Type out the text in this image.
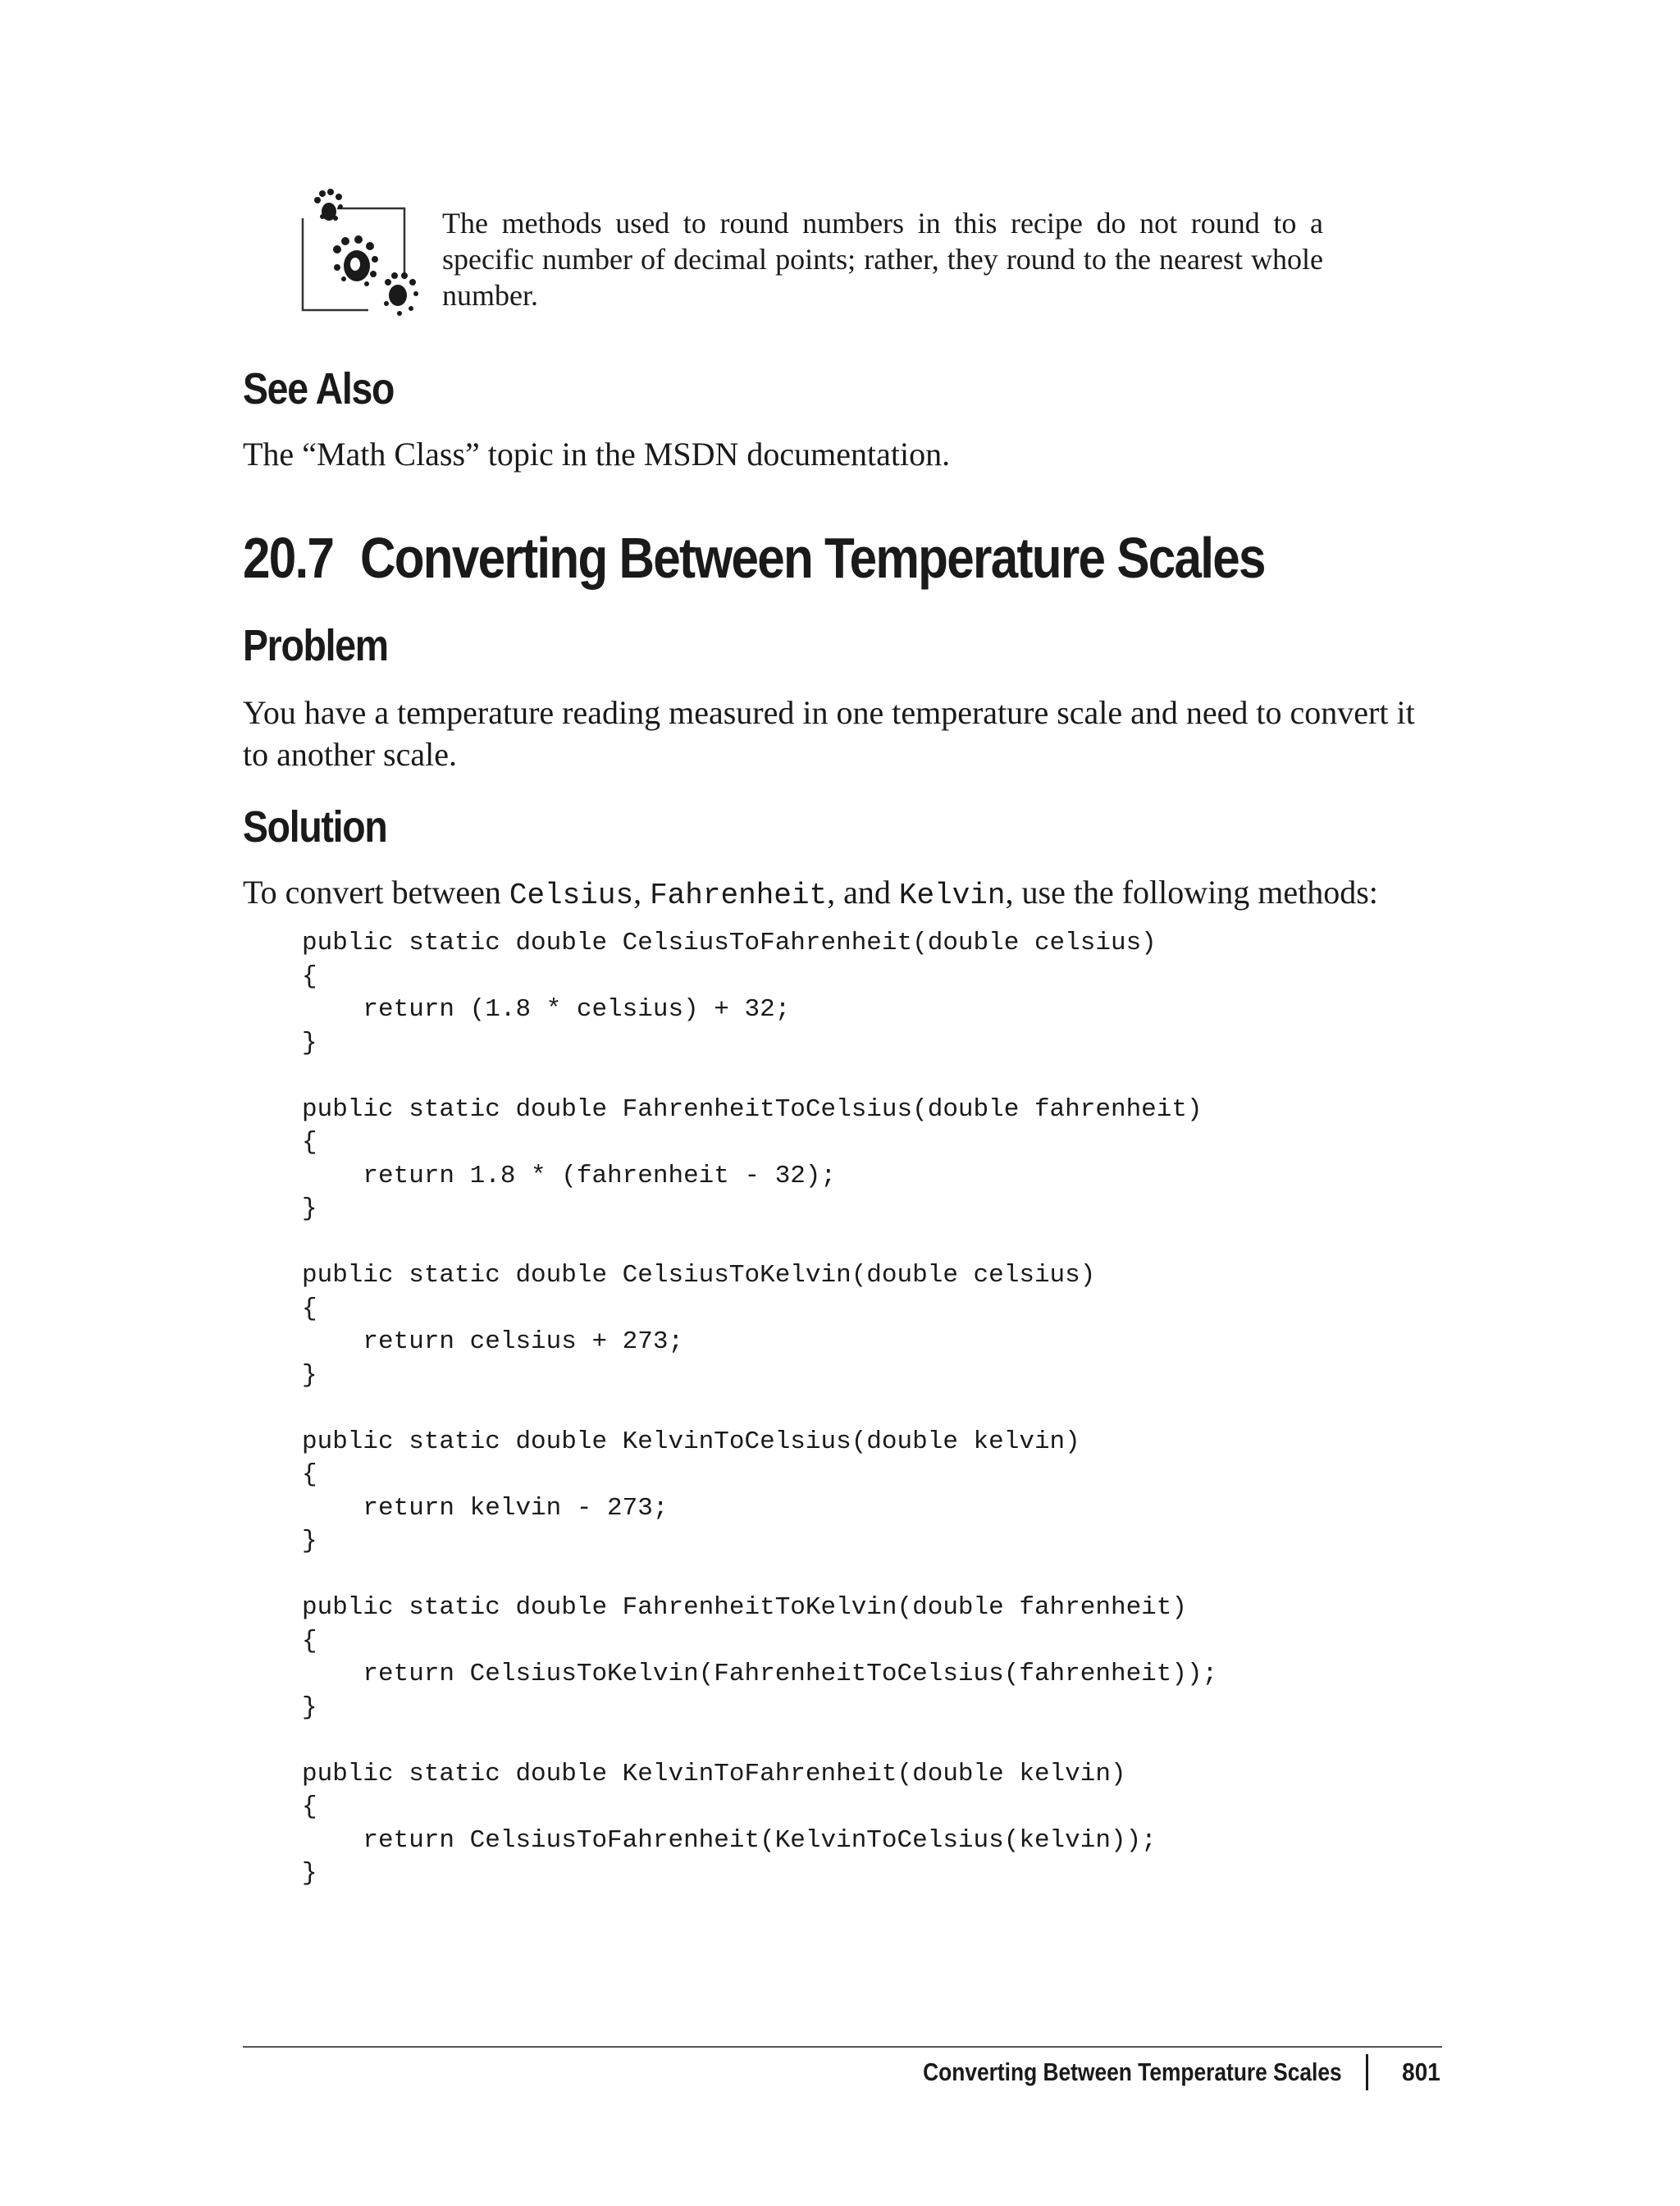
The methods used to round numbers in this recipe do not round to a specific number of decimal points; rather, they round to the nearest whole number.
See Also
The “Math Class” topic in the MSDN documentation.
20.7 Converting Between Temperature Scales
Problem
You have a temperature reading measured in one temperature scale and need to convert it to another scale.
Solution
To convert between Celsius, Fahrenheit, and Kelvin, use the following methods:
public static double CelsiusToFahrenheit(double celsius)
{
return (1.8 * celsius) + 32;
}

public static double FahrenheitToCelsius(double fahrenheit)
{
return 1.8 * (fahrenheit - 32);
}

public static double CelsiusToKelvin(double celsius)
{
return celsius + 273;
}

public static double KelvinToCelsius(double kelvin)
{
return kelvin - 273;
}

public static double FahrenheitToKelvin(double fahrenheit)
{
return CelsiusToKelvin(FahrenheitToCelsius(fahrenheit));
}

public static double KelvinToFahrenheit(double kelvin)
{
return CelsiusToFahrenheit(KelvinToCelsius(kelvin));
}
Converting Between Temperature Scales 801
